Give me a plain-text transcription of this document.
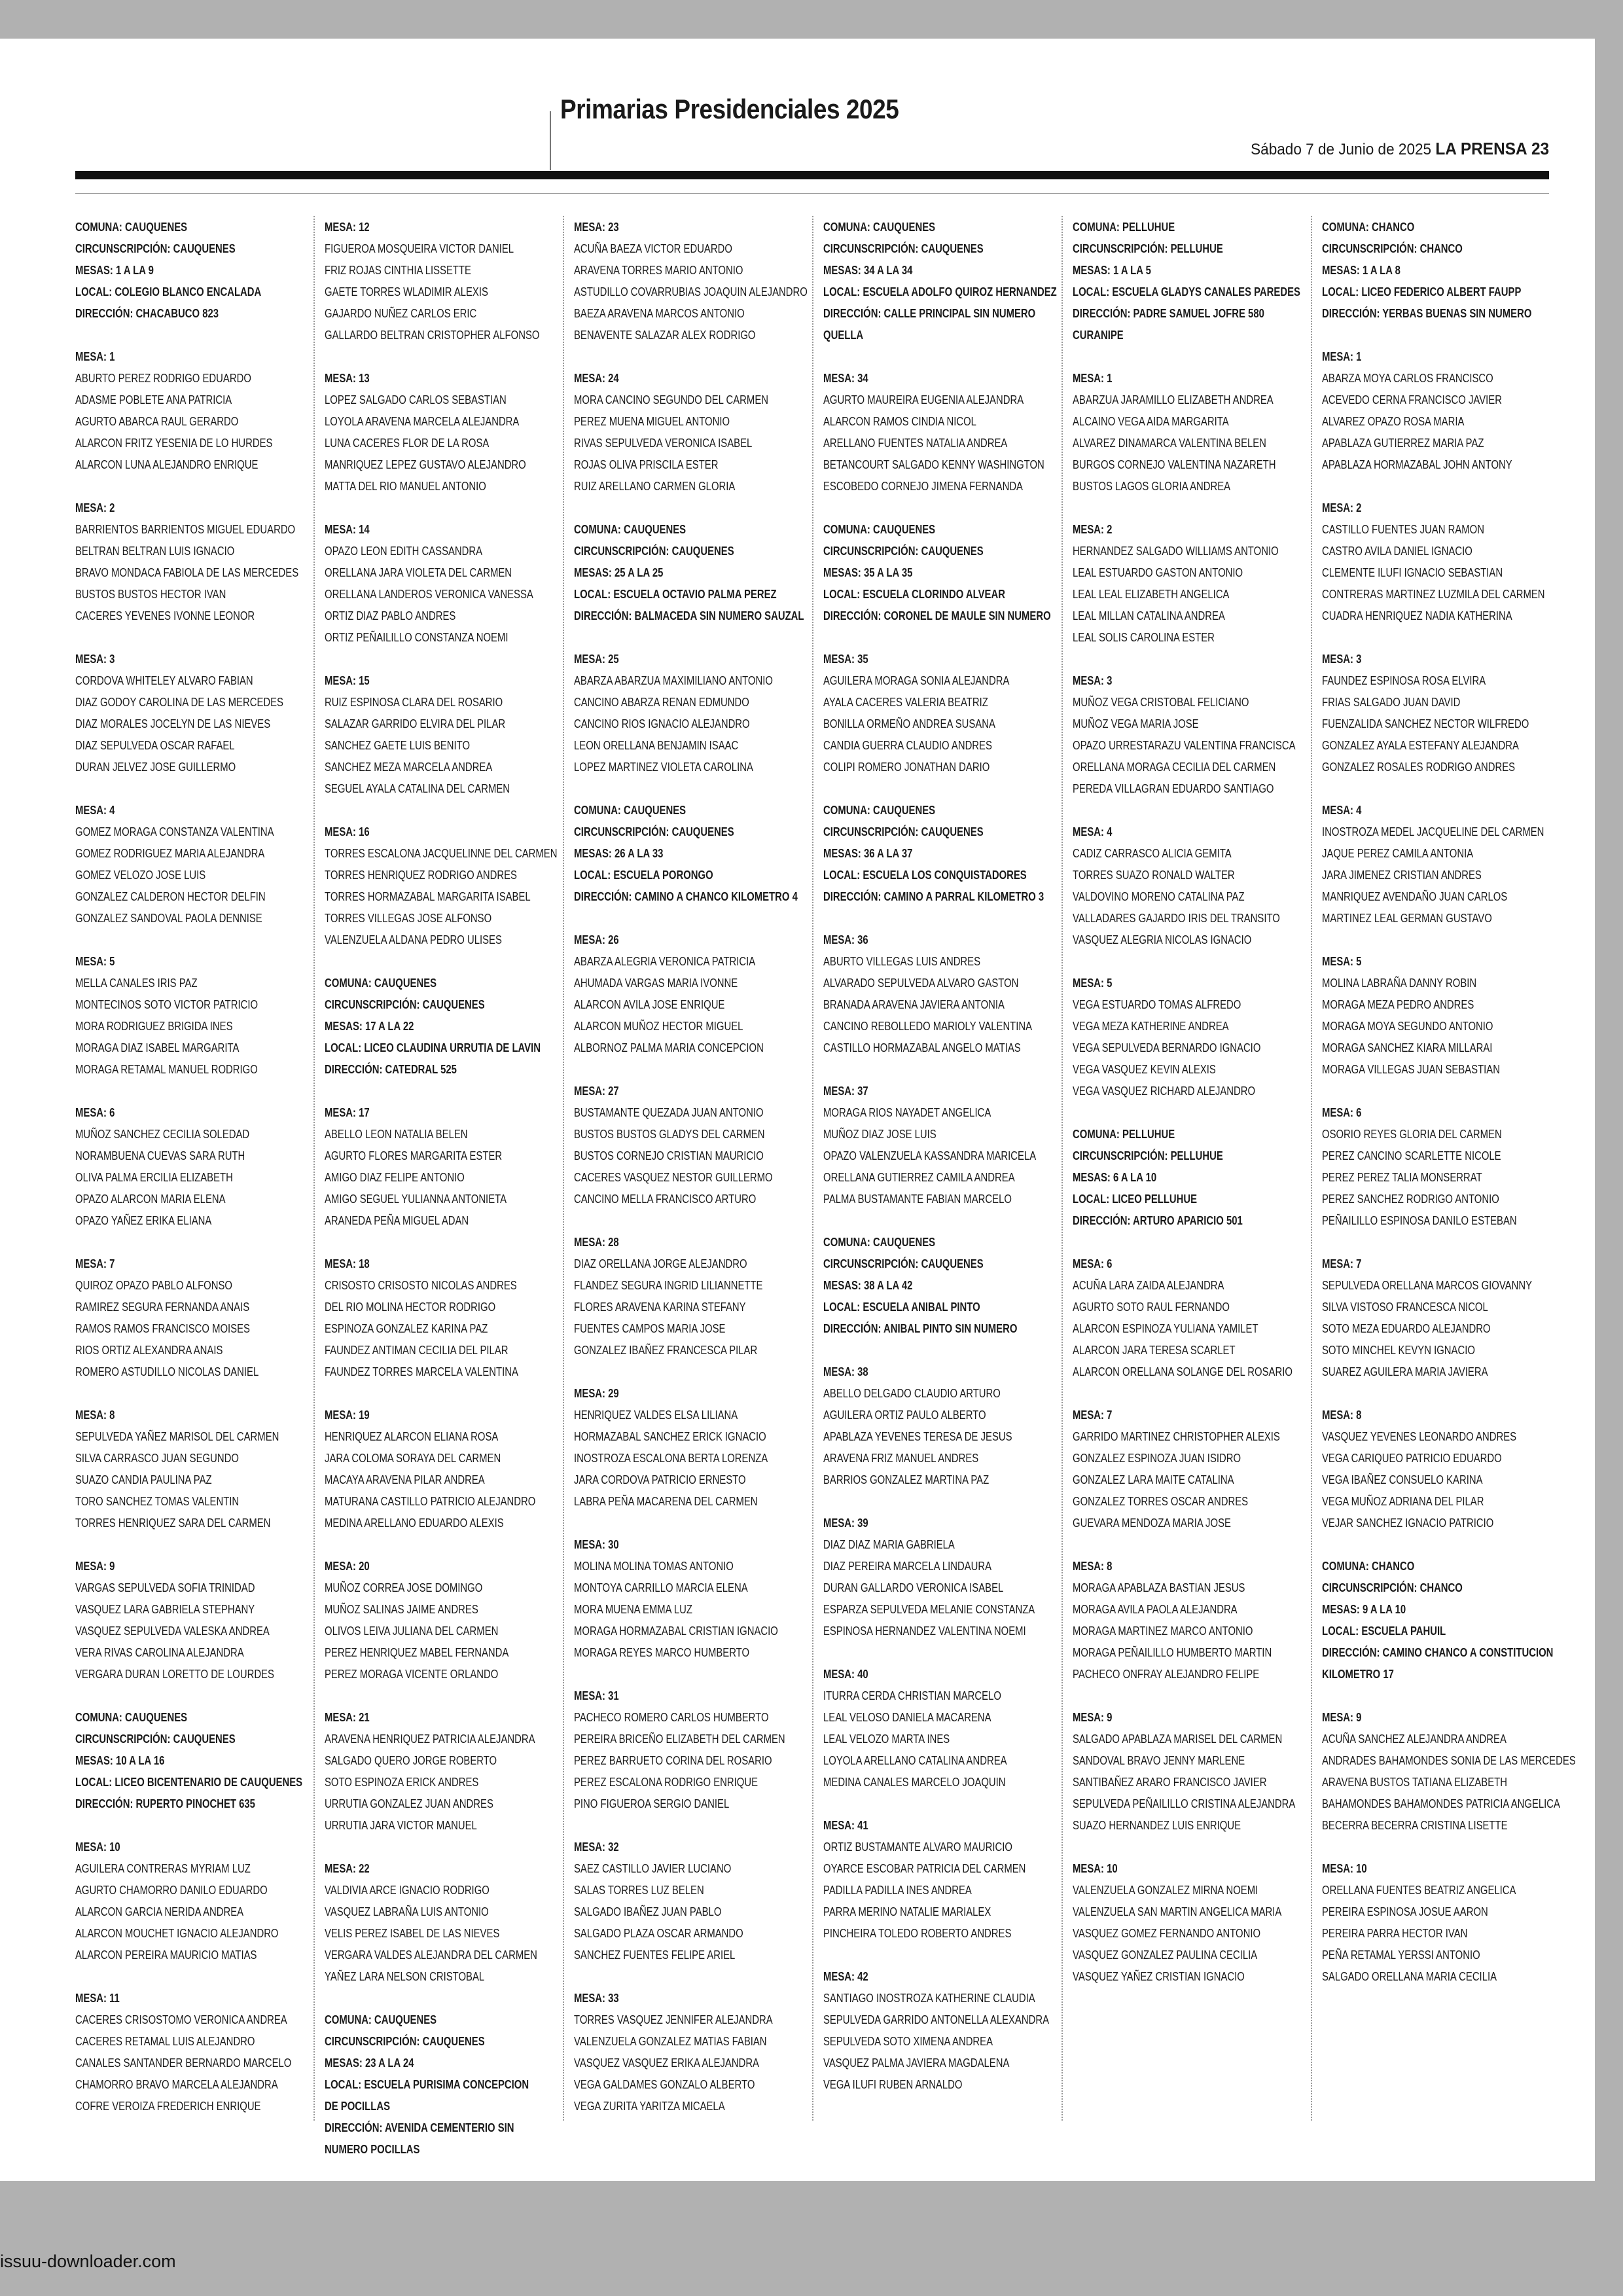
Primarias Presidenciales 2025
Sábado 7 de Junio de 2025 LA PRENSA 23
COMUNA: CAUQUENES
CIRCUNSCRIPCIÓN: CAUQUENES
MESAS: 1 A LA 9
LOCAL: COLEGIO BLANCO ENCALADA
DIRECCIÓN: CHACABUCO 823
MESA: 1
ABURTO PEREZ RODRIGO EDUARDO
ADASME POBLETE ANA PATRICIA
AGURTO ABARCA RAUL GERARDO
ALARCON FRITZ YESENIA DE LO HURDES
ALARCON LUNA ALEJANDRO ENRIQUE
MESA: 2
BARRIENTOS BARRIENTOS MIGUEL EDUARDO
BELTRAN BELTRAN LUIS IGNACIO
BRAVO MONDACA FABIOLA DE LAS MERCEDES
BUSTOS BUSTOS HECTOR IVAN
CACERES YEVENES IVONNE LEONOR
MESA: 3
CORDOVA WHITELEY ALVARO FABIAN
DIAZ GODOY CAROLINA DE LAS MERCEDES
DIAZ MORALES JOCELYN DE LAS NIEVES
DIAZ SEPULVEDA OSCAR RAFAEL
DURAN JELVEZ JOSE GUILLERMO
MESA: 4
GOMEZ MORAGA CONSTANZA VALENTINA
GOMEZ RODRIGUEZ MARIA ALEJANDRA
GOMEZ VELOZO JOSE LUIS
GONZALEZ CALDERON HECTOR DELFIN
GONZALEZ SANDOVAL PAOLA DENNISE
MESA: 5
MELLA CANALES IRIS PAZ
MONTECINOS SOTO VICTOR PATRICIO
MORA RODRIGUEZ BRIGIDA INES
MORAGA DIAZ ISABEL MARGARITA
MORAGA RETAMAL MANUEL RODRIGO
MESA: 6
MUÑOZ SANCHEZ CECILIA SOLEDAD
NORAMBUENA CUEVAS SARA RUTH
OLIVA PALMA ERCILIA ELIZABETH
OPAZO ALARCON MARIA ELENA
OPAZO YAÑEZ ERIKA ELIANA
MESA: 7
QUIROZ OPAZO PABLO ALFONSO
RAMIREZ SEGURA FERNANDA ANAIS
RAMOS RAMOS FRANCISCO MOISES
RIOS ORTIZ ALEXANDRA ANAIS
ROMERO ASTUDILLO NICOLAS DANIEL
MESA: 8
SEPULVEDA YAÑEZ MARISOL DEL CARMEN
SILVA CARRASCO JUAN SEGUNDO
SUAZO CANDIA PAULINA PAZ
TORO SANCHEZ TOMAS VALENTIN
TORRES HENRIQUEZ SARA DEL CARMEN
MESA: 9
VARGAS SEPULVEDA SOFIA TRINIDAD
VASQUEZ LARA GABRIELA STEPHANY
VASQUEZ SEPULVEDA VALESKA ANDREA
VERA RIVAS CAROLINA ALEJANDRA
VERGARA DURAN LORETTO DE LOURDES
COMUNA: CAUQUENES
CIRCUNSCRIPCIÓN: CAUQUENES
MESAS: 10 A LA 16
LOCAL: LICEO BICENTENARIO DE CAUQUENES
DIRECCIÓN: RUPERTO PINOCHET 635
MESA: 10
AGUILERA CONTRERAS MYRIAM LUZ
AGURTO CHAMORRO DANILO EDUARDO
ALARCON GARCIA NERIDA ANDREA
ALARCON MOUCHET IGNACIO ALEJANDRO
ALARCON PEREIRA MAURICIO MATIAS
MESA: 11
CACERES CRISOSTOMO VERONICA ANDREA
CACERES RETAMAL LUIS ALEJANDRO
CANALES SANTANDER BERNARDO MARCELO
CHAMORRO BRAVO MARCELA ALEJANDRA
COFRE VEROIZA FREDERICH ENRIQUE
MESA: 12
FIGUEROA MOSQUEIRA VICTOR DANIEL
FRIZ ROJAS CINTHIA LISSETTE
GAETE TORRES WLADIMIR ALEXIS
GAJARDO NUÑEZ CARLOS ERIC
GALLARDO BELTRAN CRISTOPHER ALFONSO
MESA: 13
LOPEZ SALGADO CARLOS SEBASTIAN
LOYOLA ARAVENA MARCELA ALEJANDRA
LUNA CACERES FLOR DE LA ROSA
MANRIQUEZ LEPEZ GUSTAVO ALEJANDRO
MATTA DEL RIO MANUEL ANTONIO
MESA: 14
OPAZO LEON EDITH CASSANDRA
ORELLANA JARA VIOLETA DEL CARMEN
ORELLANA LANDEROS VERONICA VANESSA
ORTIZ DIAZ PABLO ANDRES
ORTIZ PEÑAILILLO CONSTANZA NOEMI
MESA: 15
RUIZ ESPINOSA CLARA DEL ROSARIO
SALAZAR GARRIDO ELVIRA DEL PILAR
SANCHEZ GAETE LUIS BENITO
SANCHEZ MEZA MARCELA ANDREA
SEGUEL AYALA CATALINA DEL CARMEN
MESA: 16
TORRES ESCALONA JACQUELINNE DEL CARMEN
TORRES HENRIQUEZ RODRIGO ANDRES
TORRES HORMAZABAL MARGARITA ISABEL
TORRES VILLEGAS JOSE ALFONSO
VALENZUELA ALDANA PEDRO ULISES
COMUNA: CAUQUENES
CIRCUNSCRIPCIÓN: CAUQUENES
MESAS: 17 A LA 22
LOCAL: LICEO CLAUDINA URRUTIA DE LAVIN
DIRECCIÓN: CATEDRAL 525
MESA: 17
ABELLO LEON NATALIA BELEN
AGURTO FLORES MARGARITA ESTER
AMIGO DIAZ FELIPE ANTONIO
AMIGO SEGUEL YULIANNA ANTONIETA
ARANEDA PEÑA MIGUEL ADAN
MESA: 18
CRISOSTO CRISOSTO NICOLAS ANDRES
DEL RIO MOLINA HECTOR RODRIGO
ESPINOZA GONZALEZ KARINA PAZ
FAUNDEZ ANTIMAN CECILIA DEL PILAR
FAUNDEZ TORRES MARCELA VALENTINA
MESA: 19
HENRIQUEZ ALARCON ELIANA ROSA
JARA COLOMA SORAYA DEL CARMEN
MACAYA ARAVENA PILAR ANDREA
MATURANA CASTILLO PATRICIO ALEJANDRO
MEDINA ARELLANO EDUARDO ALEXIS
MESA: 20
MUÑOZ CORREA JOSE DOMINGO
MUÑOZ SALINAS JAIME ANDRES
OLIVOS LEIVA JULIANA DEL CARMEN
PEREZ HENRIQUEZ MABEL FERNANDA
PEREZ MORAGA VICENTE ORLANDO
MESA: 21
ARAVENA HENRIQUEZ PATRICIA ALEJANDRA
SALGADO QUERO JORGE ROBERTO
SOTO ESPINOZA ERICK ANDRES
URRUTIA GONZALEZ JUAN ANDRES
URRUTIA JARA VICTOR MANUEL
MESA: 22
VALDIVIA ARCE IGNACIO RODRIGO
VASQUEZ LABRAÑA LUIS ANTONIO
VELIS PEREZ ISABEL DE LAS NIEVES
VERGARA VALDES ALEJANDRA DEL CARMEN
YAÑEZ LARA NELSON CRISTOBAL
COMUNA: CAUQUENES
CIRCUNSCRIPCIÓN: CAUQUENES
MESAS: 23 A LA 24
LOCAL: ESCUELA PURISIMA CONCEPCION
DE POCILLAS
DIRECCIÓN: AVENIDA CEMENTERIO SIN
NUMERO POCILLAS
MESA: 23
ACUÑA BAEZA VICTOR EDUARDO
ARAVENA TORRES MARIO ANTONIO
ASTUDILLO COVARRUBIAS JOAQUIN ALEJANDRO
BAEZA ARAVENA MARCOS ANTONIO
BENAVENTE SALAZAR ALEX RODRIGO
MESA: 24
MORA CANCINO SEGUNDO DEL CARMEN
PEREZ MUENA MIGUEL ANTONIO
RIVAS SEPULVEDA VERONICA ISABEL
ROJAS OLIVA PRISCILA ESTER
RUIZ ARELLANO CARMEN GLORIA
COMUNA: CAUQUENES
CIRCUNSCRIPCIÓN: CAUQUENES
MESAS: 25 A LA 25
LOCAL: ESCUELA OCTAVIO PALMA PEREZ
DIRECCIÓN: BALMACEDA SIN NUMERO SAUZAL
MESA: 25
ABARZA ABARZUA MAXIMILIANO ANTONIO
CANCINO ABARZA RENAN EDMUNDO
CANCINO RIOS IGNACIO ALEJANDRO
LEON ORELLANA BENJAMIN ISAAC
LOPEZ MARTINEZ VIOLETA CAROLINA
COMUNA: CAUQUENES
CIRCUNSCRIPCIÓN: CAUQUENES
MESAS: 26 A LA 33
LOCAL: ESCUELA PORONGO
DIRECCIÓN: CAMINO A CHANCO KILOMETRO 4
MESA: 26
ABARZA ALEGRIA VERONICA PATRICIA
AHUMADA VARGAS MARIA IVONNE
ALARCON AVILA JOSE ENRIQUE
ALARCON MUÑOZ HECTOR MIGUEL
ALBORNOZ PALMA MARIA CONCEPCION
MESA: 27
BUSTAMANTE QUEZADA JUAN ANTONIO
BUSTOS BUSTOS GLADYS DEL CARMEN
BUSTOS CORNEJO CRISTIAN MAURICIO
CACERES VASQUEZ NESTOR GUILLERMO
CANCINO MELLA FRANCISCO ARTURO
MESA: 28
DIAZ ORELLANA JORGE ALEJANDRO
FLANDEZ SEGURA INGRID LILIANNETTE
FLORES ARAVENA KARINA STEFANY
FUENTES CAMPOS MARIA JOSE
GONZALEZ IBAÑEZ FRANCESCA PILAR
MESA: 29
HENRIQUEZ VALDES ELSA LILIANA
HORMAZABAL SANCHEZ ERICK IGNACIO
INOSTROZA ESCALONA BERTA LORENZA
JARA CORDOVA PATRICIO ERNESTO
LABRA PEÑA MACARENA DEL CARMEN
MESA: 30
MOLINA MOLINA TOMAS ANTONIO
MONTOYA CARRILLO MARCIA ELENA
MORA MUENA EMMA LUZ
MORAGA HORMAZABAL CRISTIAN IGNACIO
MORAGA REYES MARCO HUMBERTO
MESA: 31
PACHECO ROMERO CARLOS HUMBERTO
PEREIRA BRICEÑO ELIZABETH DEL CARMEN
PEREZ BARRUETO CORINA DEL ROSARIO
PEREZ ESCALONA RODRIGO ENRIQUE
PINO FIGUEROA SERGIO DANIEL
MESA: 32
SAEZ CASTILLO JAVIER LUCIANO
SALAS TORRES LUZ BELEN
SALGADO IBAÑEZ JUAN PABLO
SALGADO PLAZA OSCAR ARMANDO
SANCHEZ FUENTES FELIPE ARIEL
MESA: 33
TORRES VASQUEZ JENNIFER ALEJANDRA
VALENZUELA GONZALEZ MATIAS FABIAN
VASQUEZ VASQUEZ ERIKA ALEJANDRA
VEGA GALDAMES GONZALO ALBERTO
VEGA ZURITA YARITZA MICAELA
COMUNA: CAUQUENES
CIRCUNSCRIPCIÓN: CAUQUENES
MESAS: 34 A LA 34
LOCAL: ESCUELA ADOLFO QUIROZ HERNANDEZ
DIRECCIÓN: CALLE PRINCIPAL SIN NUMERO
QUELLA
MESA: 34
AGURTO MAUREIRA EUGENIA ALEJANDRA
ALARCON RAMOS CINDIA NICOL
ARELLANO FUENTES NATALIA ANDREA
BETANCOURT SALGADO KENNY WASHINGTON
ESCOBEDO CORNEJO JIMENA FERNANDA
COMUNA: CAUQUENES
CIRCUNSCRIPCIÓN: CAUQUENES
MESAS: 35 A LA 35
LOCAL: ESCUELA CLORINDO ALVEAR
DIRECCIÓN: CORONEL DE MAULE SIN NUMERO
MESA: 35
AGUILERA MORAGA SONIA ALEJANDRA
AYALA CACERES VALERIA BEATRIZ
BONILLA ORMEÑO ANDREA SUSANA
CANDIA GUERRA CLAUDIO ANDRES
COLIPI ROMERO JONATHAN DARIO
COMUNA: CAUQUENES
CIRCUNSCRIPCIÓN: CAUQUENES
MESAS: 36 A LA 37
LOCAL: ESCUELA LOS CONQUISTADORES
DIRECCIÓN: CAMINO A PARRAL KILOMETRO 3
MESA: 36
ABURTO VILLEGAS LUIS ANDRES
ALVARADO SEPULVEDA ALVARO GASTON
BRANADA ARAVENA JAVIERA ANTONIA
CANCINO REBOLLEDO MARIOLY VALENTINA
CASTILLO HORMAZABAL ANGELO MATIAS
MESA: 37
MORAGA RIOS NAYADET ANGELICA
MUÑOZ DIAZ JOSE LUIS
OPAZO VALENZUELA KASSANDRA MARICELA
ORELLANA GUTIERREZ CAMILA ANDREA
PALMA BUSTAMANTE FABIAN MARCELO
COMUNA: CAUQUENES
CIRCUNSCRIPCIÓN: CAUQUENES
MESAS: 38 A LA 42
LOCAL: ESCUELA ANIBAL PINTO
DIRECCIÓN: ANIBAL PINTO SIN NUMERO
MESA: 38
ABELLO DELGADO CLAUDIO ARTURO
AGUILERA ORTIZ PAULO ALBERTO
APABLAZA YEVENES TERESA DE JESUS
ARAVENA FRIZ MANUEL ANDRES
BARRIOS GONZALEZ MARTINA PAZ
MESA: 39
DIAZ DIAZ MARIA GABRIELA
DIAZ PEREIRA MARCELA LINDAURA
DURAN GALLARDO VERONICA ISABEL
ESPARZA SEPULVEDA MELANIE CONSTANZA
ESPINOSA HERNANDEZ VALENTINA NOEMI
MESA: 40
ITURRA CERDA CHRISTIAN MARCELO
LEAL VELOSO DANIELA MACARENA
LEAL VELOZO MARTA INES
LOYOLA ARELLANO CATALINA ANDREA
MEDINA CANALES MARCELO JOAQUIN
MESA: 41
ORTIZ BUSTAMANTE ALVARO MAURICIO
OYARCE ESCOBAR PATRICIA DEL CARMEN
PADILLA PADILLA INES ANDREA
PARRA MERINO NATALIE MARIALEX
PINCHEIRA TOLEDO ROBERTO ANDRES
MESA: 42
SANTIAGO INOSTROZA KATHERINE CLAUDIA
SEPULVEDA GARRIDO ANTONELLA ALEXANDRA
SEPULVEDA SOTO XIMENA ANDREA
VASQUEZ PALMA JAVIERA MAGDALENA
VEGA ILUFI RUBEN ARNALDO
COMUNA: PELLUHUE
CIRCUNSCRIPCIÓN: PELLUHUE
MESAS: 1 A LA 5
LOCAL: ESCUELA GLADYS CANALES PAREDES
DIRECCIÓN: PADRE SAMUEL JOFRE 580
CURANIPE
MESA: 1
ABARZUA JARAMILLO ELIZABETH ANDREA
ALCAINO VEGA AIDA MARGARITA
ALVAREZ DINAMARCA VALENTINA BELEN
BURGOS CORNEJO VALENTINA NAZARETH
BUSTOS LAGOS GLORIA ANDREA
MESA: 2
HERNANDEZ SALGADO WILLIAMS ANTONIO
LEAL ESTUARDO GASTON ANTONIO
LEAL LEAL ELIZABETH ANGELICA
LEAL MILLAN CATALINA ANDREA
LEAL SOLIS CAROLINA ESTER
MESA: 3
MUÑOZ VEGA CRISTOBAL FELICIANO
MUÑOZ VEGA MARIA JOSE
OPAZO URRESTARAZU VALENTINA FRANCISCA
ORELLANA MORAGA CECILIA DEL CARMEN
PEREDA VILLAGRAN EDUARDO SANTIAGO
MESA: 4
CADIZ CARRASCO ALICIA GEMITA
TORRES SUAZO RONALD WALTER
VALDOVINO MORENO CATALINA PAZ
VALLADARES GAJARDO IRIS DEL TRANSITO
VASQUEZ ALEGRIA NICOLAS IGNACIO
MESA: 5
VEGA ESTUARDO TOMAS ALFREDO
VEGA MEZA KATHERINE ANDREA
VEGA SEPULVEDA BERNARDO IGNACIO
VEGA VASQUEZ KEVIN ALEXIS
VEGA VASQUEZ RICHARD ALEJANDRO
COMUNA: PELLUHUE
CIRCUNSCRIPCIÓN: PELLUHUE
MESAS: 6 A LA 10
LOCAL: LICEO PELLUHUE
DIRECCIÓN: ARTURO APARICIO 501
MESA: 6
ACUÑA LARA ZAIDA ALEJANDRA
AGURTO SOTO RAUL FERNANDO
ALARCON ESPINOZA YULIANA YAMILET
ALARCON JARA TERESA SCARLET
ALARCON ORELLANA SOLANGE DEL ROSARIO
MESA: 7
GARRIDO MARTINEZ CHRISTOPHER ALEXIS
GONZALEZ ESPINOZA JUAN ISIDRO
GONZALEZ LARA MAITE CATALINA
GONZALEZ TORRES OSCAR ANDRES
GUEVARA MENDOZA MARIA JOSE
MESA: 8
MORAGA APABLAZA BASTIAN JESUS
MORAGA AVILA PAOLA ALEJANDRA
MORAGA MARTINEZ MARCO ANTONIO
MORAGA PEÑAILILLO HUMBERTO MARTIN
PACHECO ONFRAY ALEJANDRO FELIPE
MESA: 9
SALGADO APABLAZA MARISEL DEL CARMEN
SANDOVAL BRAVO JENNY MARLENE
SANTIBAÑEZ ARARO FRANCISCO JAVIER
SEPULVEDA PEÑAILILLO CRISTINA ALEJANDRA
SUAZO HERNANDEZ LUIS ENRIQUE
MESA: 10
VALENZUELA GONZALEZ MIRNA NOEMI
VALENZUELA SAN MARTIN ANGELICA MARIA
VASQUEZ GOMEZ FERNANDO ANTONIO
VASQUEZ GONZALEZ PAULINA CECILIA
VASQUEZ YAÑEZ CRISTIAN IGNACIO
COMUNA: CHANCO
CIRCUNSCRIPCIÓN: CHANCO
MESAS: 1 A LA 8
LOCAL: LICEO FEDERICO ALBERT FAUPP
DIRECCIÓN: YERBAS BUENAS SIN NUMERO
MESA: 1
ABARZA MOYA CARLOS FRANCISCO
ACEVEDO CERNA FRANCISCO JAVIER
ALVAREZ OPAZO ROSA MARIA
APABLAZA GUTIERREZ MARIA PAZ
APABLAZA HORMAZABAL JOHN ANTONY
MESA: 2
CASTILLO FUENTES JUAN RAMON
CASTRO AVILA DANIEL IGNACIO
CLEMENTE ILUFI IGNACIO SEBASTIAN
CONTRERAS MARTINEZ LUZMILA DEL CARMEN
CUADRA HENRIQUEZ NADIA KATHERINA
MESA: 3
FAUNDEZ ESPINOSA ROSA ELVIRA
FRIAS SALGADO JUAN DAVID
FUENZALIDA SANCHEZ NECTOR WILFREDO
GONZALEZ AYALA ESTEFANY ALEJANDRA
GONZALEZ ROSALES RODRIGO ANDRES
MESA: 4
INOSTROZA MEDEL JACQUELINE DEL CARMEN
JAQUE PEREZ CAMILA ANTONIA
JARA JIMENEZ CRISTIAN ANDRES
MANRIQUEZ AVENDAÑO JUAN CARLOS
MARTINEZ LEAL GERMAN GUSTAVO
MESA: 5
MOLINA LABRAÑA DANNY ROBIN
MORAGA MEZA PEDRO ANDRES
MORAGA MOYA SEGUNDO ANTONIO
MORAGA SANCHEZ KIARA MILLARAI
MORAGA VILLEGAS JUAN SEBASTIAN
MESA: 6
OSORIO REYES GLORIA DEL CARMEN
PEREZ CANCINO SCARLETTE NICOLE
PEREZ PEREZ TALIA MONSERRAT
PEREZ SANCHEZ RODRIGO ANTONIO
PEÑAILILLO ESPINOSA DANILO ESTEBAN
MESA: 7
SEPULVEDA ORELLANA MARCOS GIOVANNY
SILVA VISTOSO FRANCESCA NICOL
SOTO MEZA EDUARDO ALEJANDRO
SOTO MINCHEL KEVYN IGNACIO
SUAREZ AGUILERA MARIA JAVIERA
MESA: 8
VASQUEZ YEVENES LEONARDO ANDRES
VEGA CARIQUEO PATRICIO EDUARDO
VEGA IBAÑEZ CONSUELO KARINA
VEGA MUÑOZ ADRIANA DEL PILAR
VEJAR SANCHEZ IGNACIO PATRICIO
COMUNA: CHANCO
CIRCUNSCRIPCIÓN: CHANCO
MESAS: 9 A LA 10
LOCAL: ESCUELA PAHUIL
DIRECCIÓN: CAMINO CHANCO A CONSTITUCION
KILOMETRO 17
MESA: 9
ACUÑA SANCHEZ ALEJANDRA ANDREA
ANDRADES BAHAMONDES SONIA DE LAS MERCEDES
ARAVENA BUSTOS TATIANA ELIZABETH
BAHAMONDES BAHAMONDES PATRICIA ANGELICA
BECERRA BECERRA CRISTINA LISETTE
MESA: 10
ORELLANA FUENTES BEATRIZ ANGELICA
PEREIRA ESPINOSA JOSUE AARON
PEREIRA PARRA HECTOR IVAN
PEÑA RETAMAL YERSSI ANTONIO
SALGADO ORELLANA MARIA CECILIA
issuu-downloader.com
